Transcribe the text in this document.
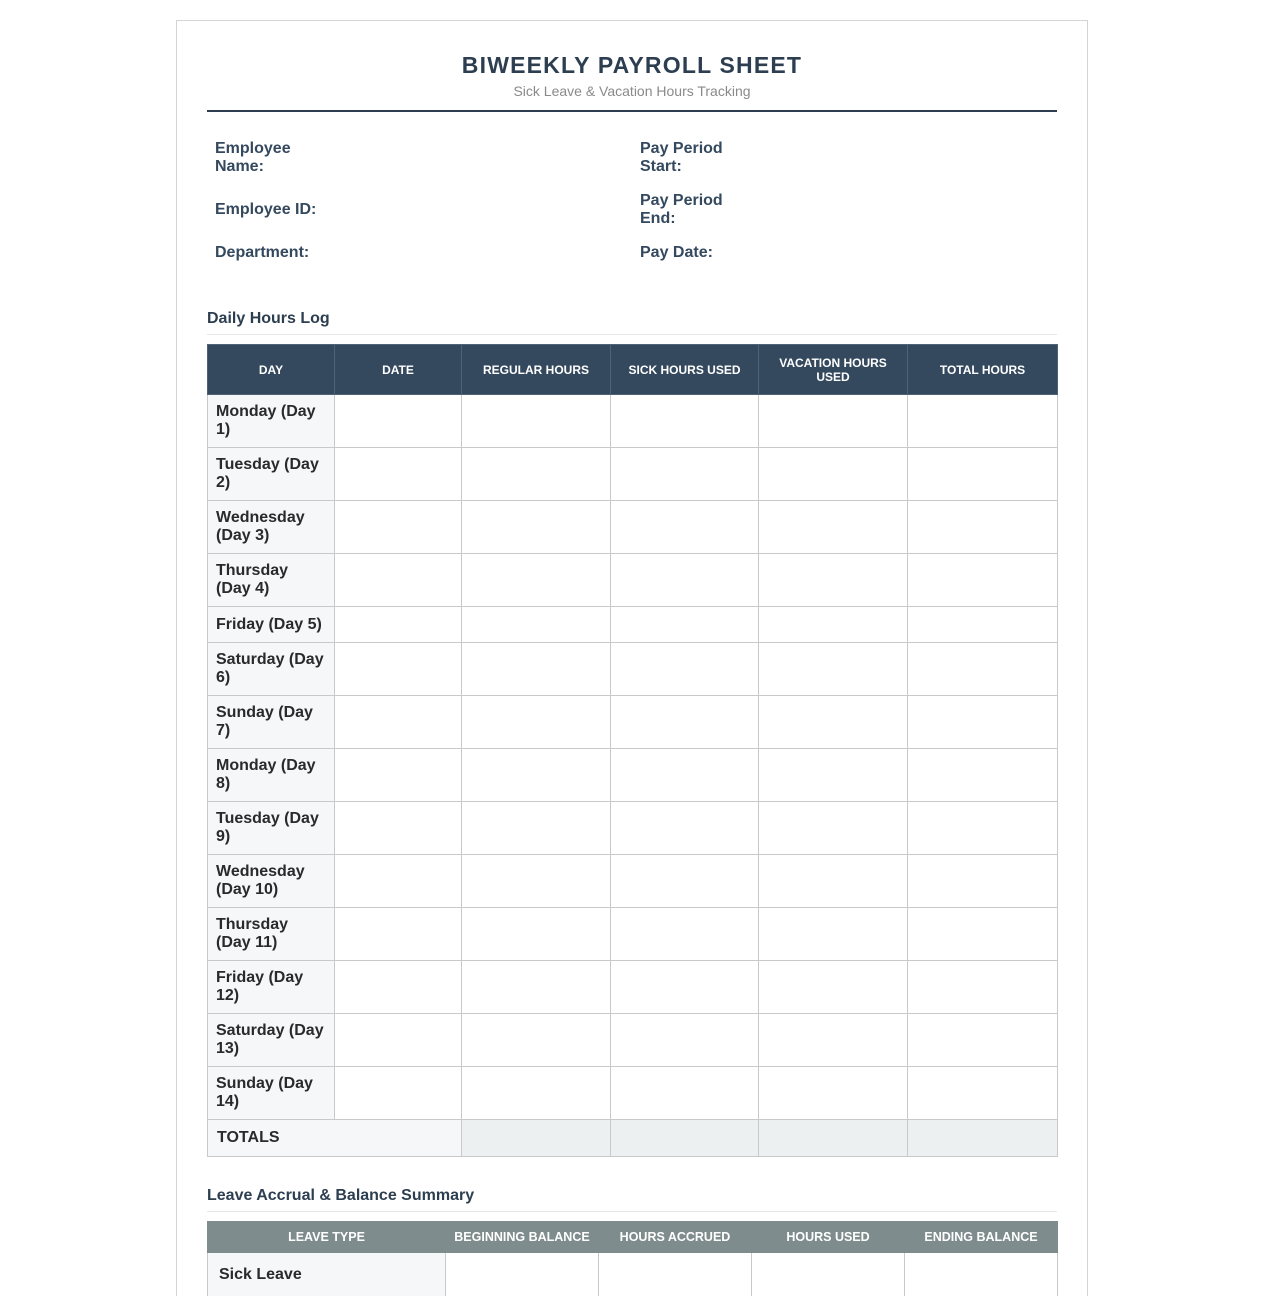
BIWEEKLY PAYROLL SHEET
Sick Leave & Vacation Hours Tracking
Employee
Name:
Employee ID:
Department:
Pay Period
Start:
Pay Period
End:
Pay Date:
Daily Hours Log
DAY	DATE	REGULAR HOURS	SICK HOURS USED	VACATION HOURS USED	TOTAL HOURS
Monday (Day 1)					
Tuesday (Day 2)					
Wednesday (Day 3)					
Thursday (Day 4)					
Friday (Day 5)					
Saturday (Day 6)					
Sunday (Day 7)					
Monday (Day 8)					
Tuesday (Day 9)					
Wednesday (Day 10)					
Thursday (Day 11)					
Friday (Day 12)					
Saturday (Day 13)					
Sunday (Day 14)					
TOTALS					
Leave Accrual & Balance Summary
LEAVE TYPE	BEGINNING BALANCE	HOURS ACCRUED	HOURS USED	ENDING BALANCE
Sick Leave				
